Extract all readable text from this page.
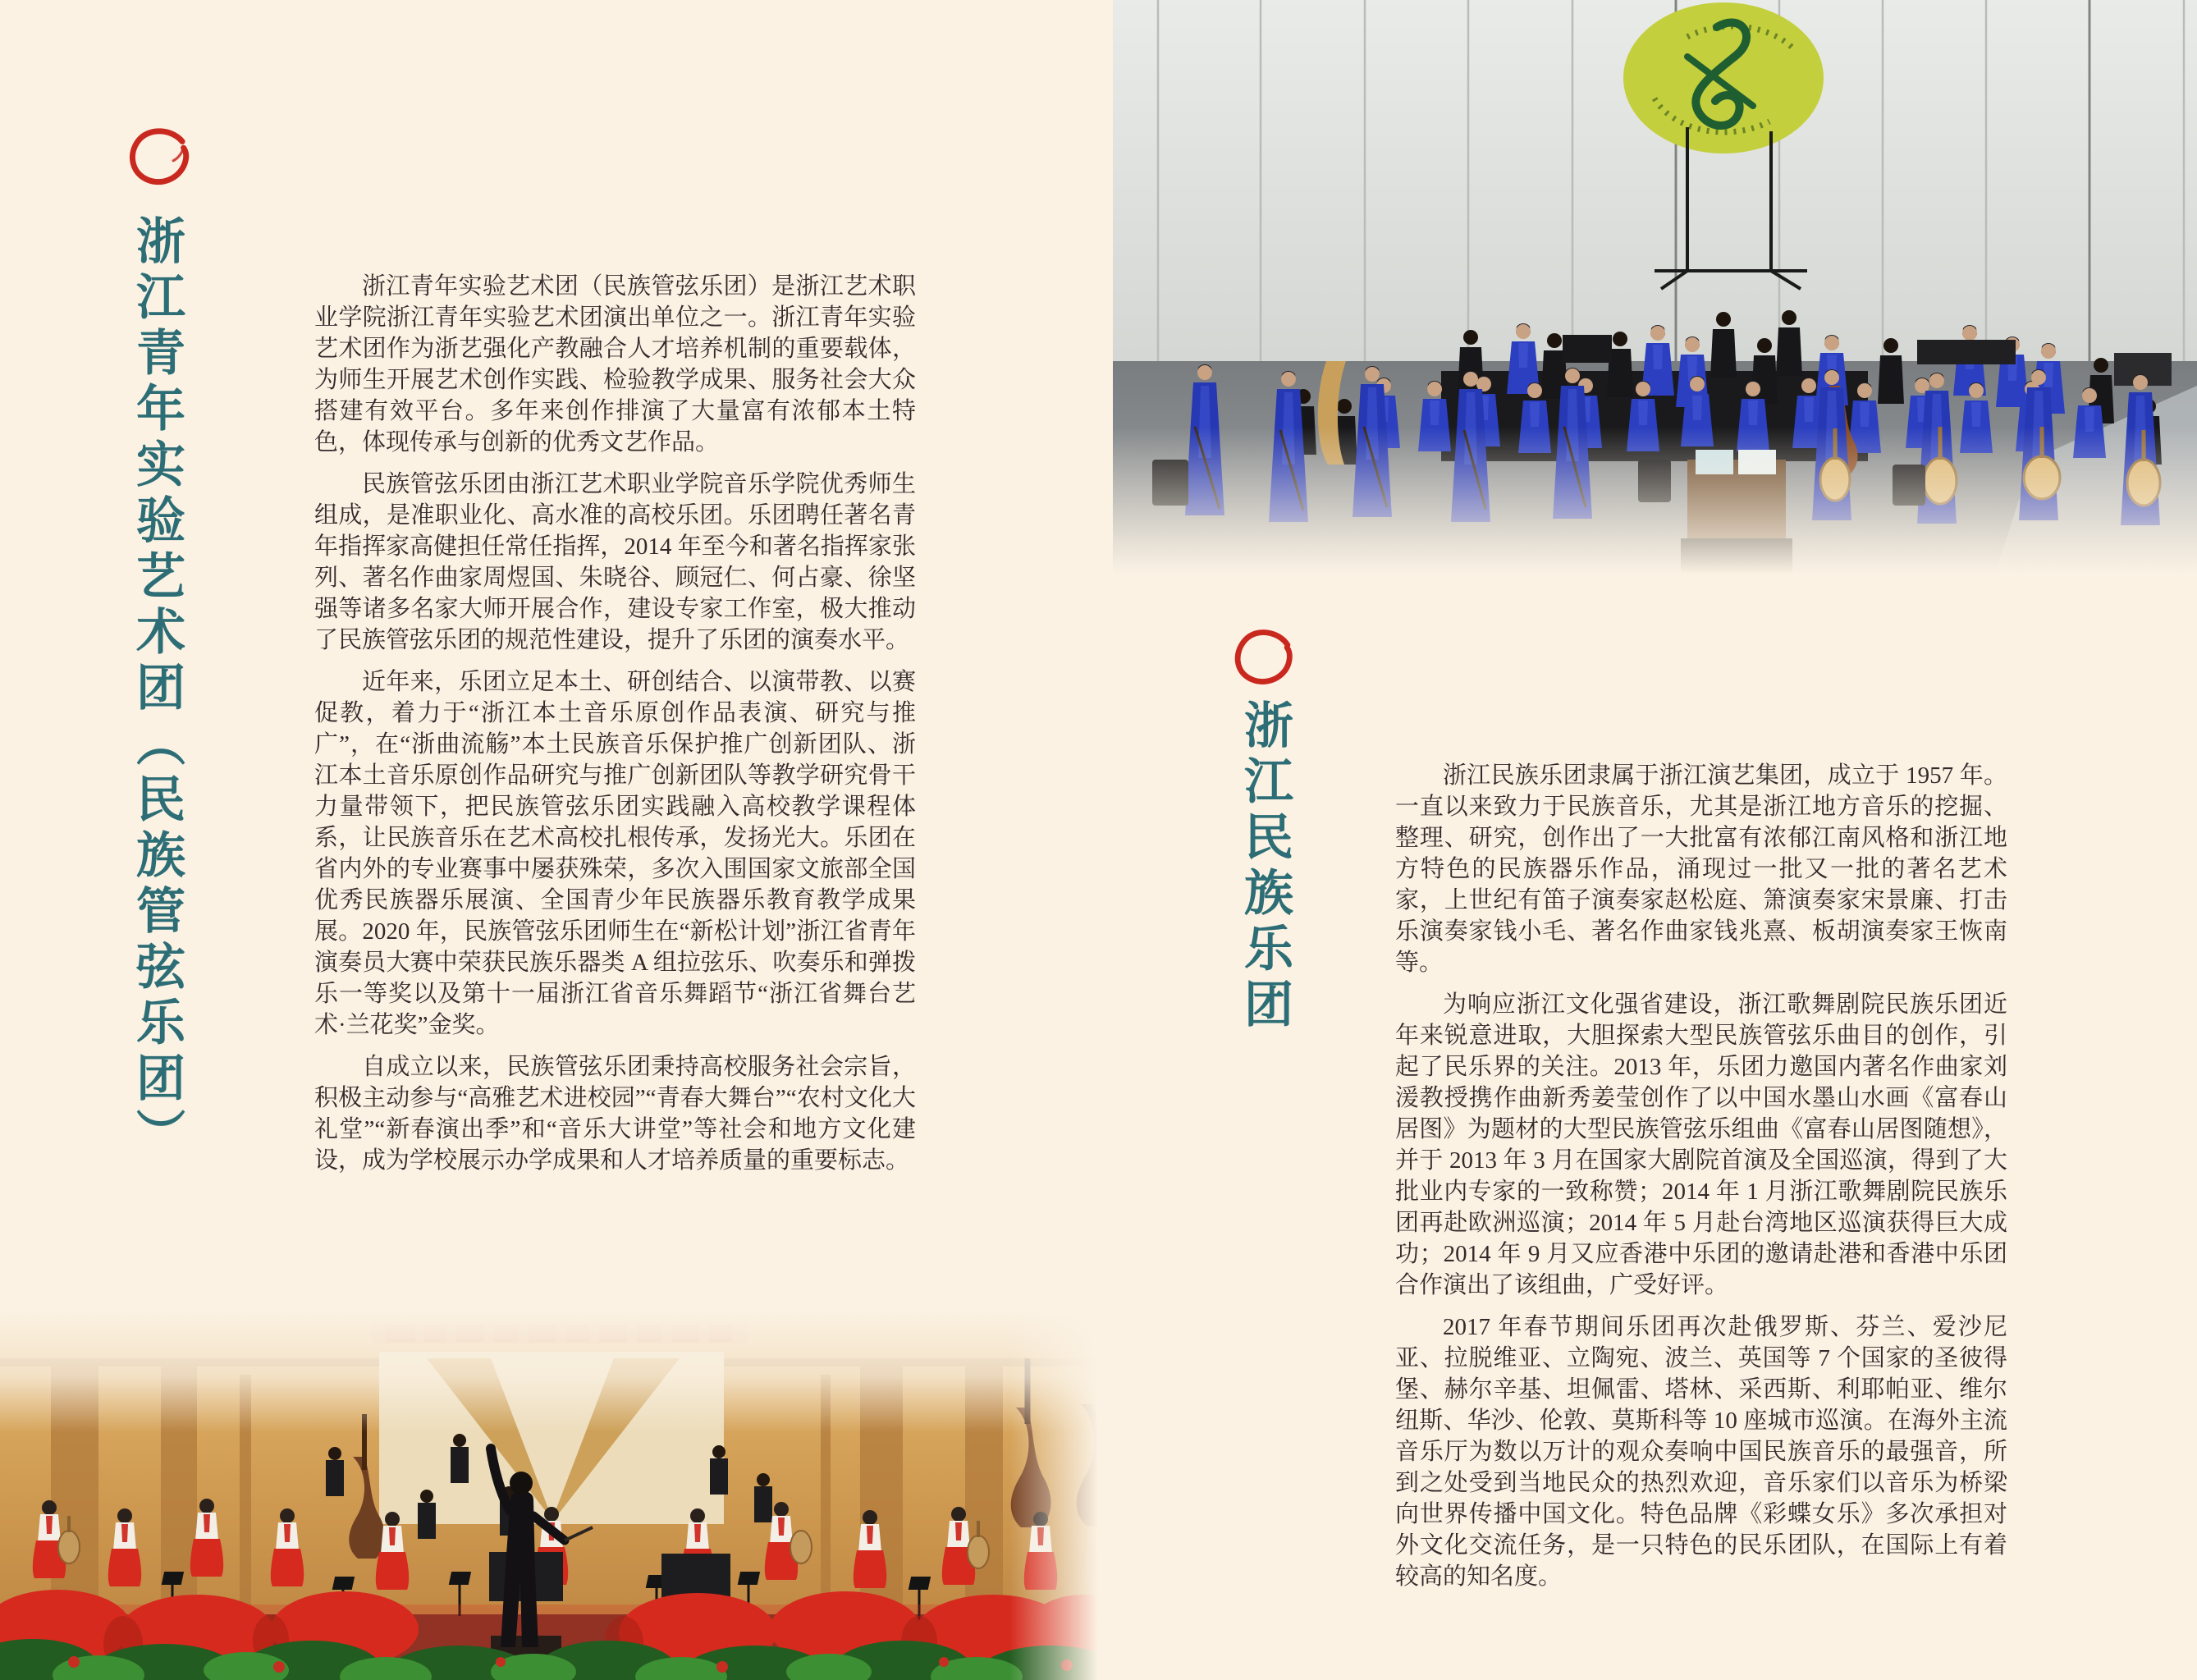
浙江青年实验艺术团（民族管弦乐团）	浙江青年实验艺术团（民族管弦乐团）是浙江艺术职业学院浙江青年实验艺术团演出单位之一。浙江青年实验艺术团作为浙艺强化产教融合人才培养机制的重要载体，为师生开展艺术创作实践、检验教学成果、服务社会大众搭建有效平台。多年来创作排演了大量富有浓郁本土特色，体现传承与创新的优秀文艺作品。

民族管弦乐团由浙江艺术职业学院音乐学院优秀师生组成，是准职业化、高水准的高校乐团。乐团聘任著名青年指挥家高健担任常任指挥，2014 年至今和著名指挥家张列、著名作曲家周煜国、朱晓谷、顾冠仁、何占豪、徐坚强等诸多名家大师开展合作，建设专家工作室，极大推动了民族管弦乐团的规范性建设，提升了乐团的演奏水平。

近年来，乐团立足本土、研创结合、以演带教、以赛促教，着力于“浙江本土音乐原创作品表演、研究与推广”，在“浙曲流觞”本土民族音乐保护推广创新团队、浙江本土音乐原创作品研究与推广创新团队等教学研究骨干力量带领下，把民族管弦乐团实践融入高校教学课程体系，让民族音乐在艺术高校扎根传承，发扬光大。乐团在省内外的专业赛事中屡获殊荣，多次入围国家文旅部全国优秀民族器乐展演、全国青少年民族器乐教育教学成果展。2020 年，民族管弦乐团师生在“新松计划”浙江省青年演奏员大赛中荣获民族乐器类 A 组拉弦乐、吹奏乐和弹拨乐一等奖以及第十一届浙江省音乐舞蹈节“浙江省舞台艺术·兰花奖”金奖。

自成立以来，民族管弦乐团秉持高校服务社会宗旨，积极主动参与“高雅艺术进校园”“青春大舞台”“农村文化大礼堂”“新春演出季”和“音乐大讲堂”等社会和地方文化建设，成为学校展示办学成果和人才培养质量的重要标志。

浙江民族乐团	浙江民族乐团隶属于浙江演艺集团，成立于 1957 年。一直以来致力于民族音乐，尤其是浙江地方音乐的挖掘、整理、研究，创作出了一大批富有浓郁江南风格和浙江地方特色的民族器乐作品，涌现过一批又一批的著名艺术家，上世纪有笛子演奏家赵松庭、箫演奏家宋景廉、打击乐演奏家钱小毛、著名作曲家钱兆熹、板胡演奏家王恢南等。

为响应浙江文化强省建设，浙江歌舞剧院民族乐团近年来锐意进取，大胆探索大型民族管弦乐曲目的创作，引起了民乐界的关注。2013 年，乐团力邀国内著名作曲家刘湲教授携作曲新秀姜莹创作了以中国水墨山水画《富春山居图》为题材的大型民族管弦乐组曲《富春山居图随想》，并于 2013 年 3 月在国家大剧院首演及全国巡演，得到了大批业内专家的一致称赞；2014 年 1 月浙江歌舞剧院民族乐团再赴欧洲巡演；2014 年 5 月赴台湾地区巡演获得巨大成功；2014 年 9 月又应香港中乐团的邀请赴港和香港中乐团合作演出了该组曲，广受好评。

2017 年春节期间乐团再次赴俄罗斯、芬兰、爱沙尼亚、拉脱维亚、立陶宛、波兰、英国等 7 个国家的圣彼得堡、赫尔辛基、坦佩雷、塔林、采西斯、利耶帕亚、维尔纽斯、华沙、伦敦、莫斯科等 10 座城市巡演。在海外主流音乐厅为数以万计的观众奏响中国民族音乐的最强音，所到之处受到当地民众的热烈欢迎，音乐家们以音乐为桥梁向世界传播中国文化。特色品牌《彩蝶女乐》多次承担对外文化交流任务，是一只特色的民乐团队，在国际上有着较高的知名度。
